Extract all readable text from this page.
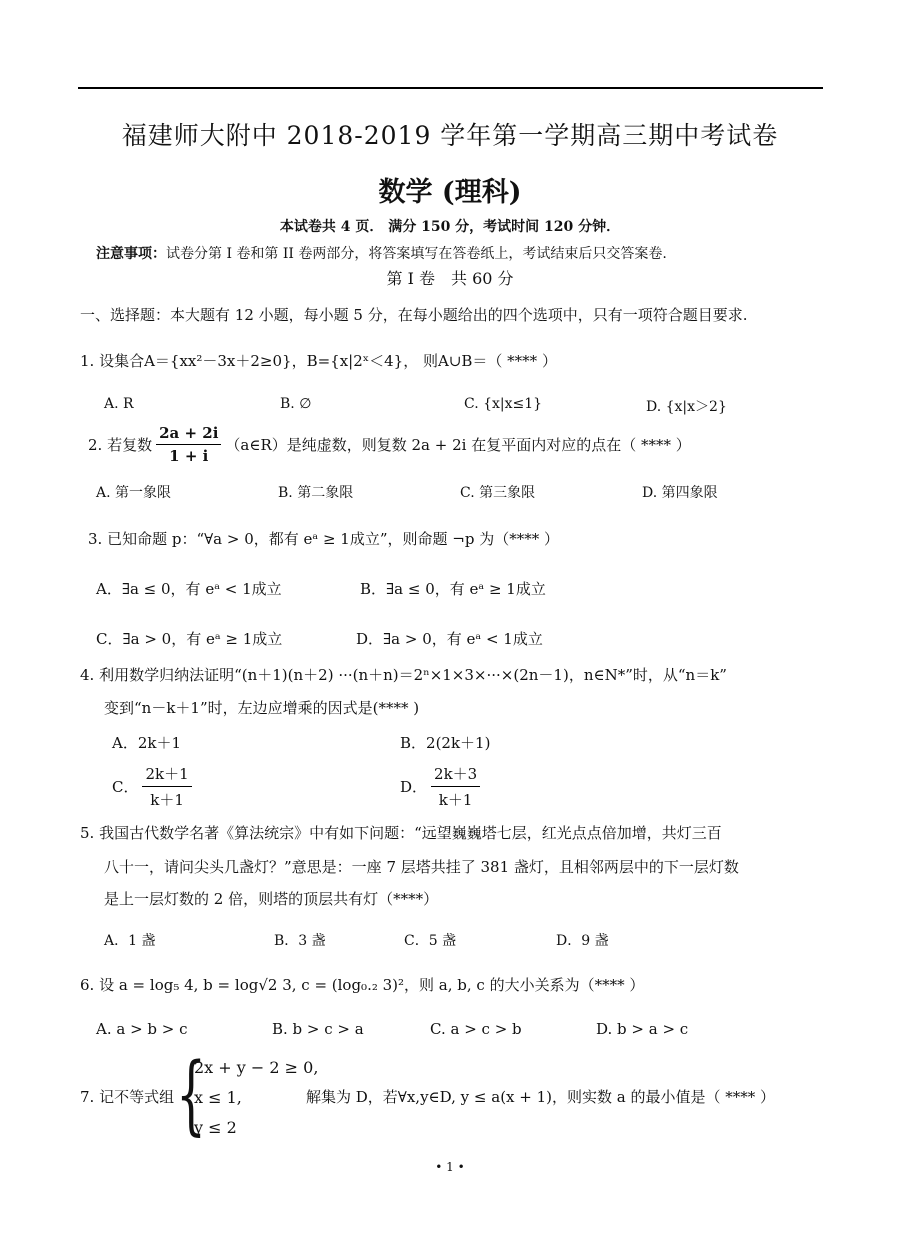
福建师大附中 2018-2019 学年第一学期高三期中考试卷
数学 (理科)
本试卷共 4 页． 满分 150 分，考试时间 120 分钟．
注意事项：试卷分第 I 卷和第 II 卷两部分，将答案填写在答卷纸上，考试结束后只交答案卷.
第 I 卷　共 60 分
一、选择题：本大题有 12 小题，每小题 5 分，在每小题给出的四个选项中，只有一项符合题目要求.
1. 设集合A＝{xx²－3x＋2≥0}，B={x|2ˣ＜4}， 则A∪B＝（ **** ）
A. R	B. ∅	C. {x|x≤1}	D. {x|x＞2}
2. 若复数 $\frac{2a + 2i}{1 + i}$ （a∈R）是纯虚数，则复数 2a + 2i 在复平面内对应的点在（ **** ）
A. 第一象限	B. 第二象限	C. 第三象限	D. 第四象限
3. 已知命题 p：“∀a > 0，都有 eᵃ ≥ 1成立”，则命题 ¬p 为（**** ）
A．∃a ≤ 0，有 eᵃ < 1成立	B．∃a ≤ 0，有 eᵃ ≥ 1成立
C．∃a > 0，有 eᵃ ≥ 1成立	D．∃a > 0，有 eᵃ < 1成立
4. 利用数学归纳法证明“(n＋1)(n＋2) ···(n＋n)＝2ⁿ×1×3×···×(2n－1)，n∈N*”时，从“n＝k”
变到“n－k＋1”时，左边应增乘的因式是(**** )
A．2k＋1	B．2(2k＋1)
C． $\frac{2k+1}{k+1}$	D． $\frac{2k+3}{k+1}$
5. 我国古代数学名著《算法统宗》中有如下问题：“远望巍巍塔七层，红光点点倍加增，共灯三百
八十一，请问尖头几盏灯？”意思是：一座 7 层塔共挂了 381 盏灯，且相邻两层中的下一层灯数
是上一层灯数的 2 倍，则塔的顶层共有灯（****）
A．1 盏	B．3 盏	C．5 盏	D．9 盏
6. 设 a = log₅ 4, b = log√2 3, c = (log₀.₂ 3)²，则 a, b, c 的大小关系为（**** ）
A. a > b > c	B. b > c > a	C. a > c > b	D. b > a > c
7. 记不等式组 {
2x + y − 2 ≥ 0,
x ≤ 1,
y ≤ 2
解集为 D，若∀x,y∈D, y ≤ a(x + 1)，则实数 a 的最小值是（ **** ）
• 1 •
